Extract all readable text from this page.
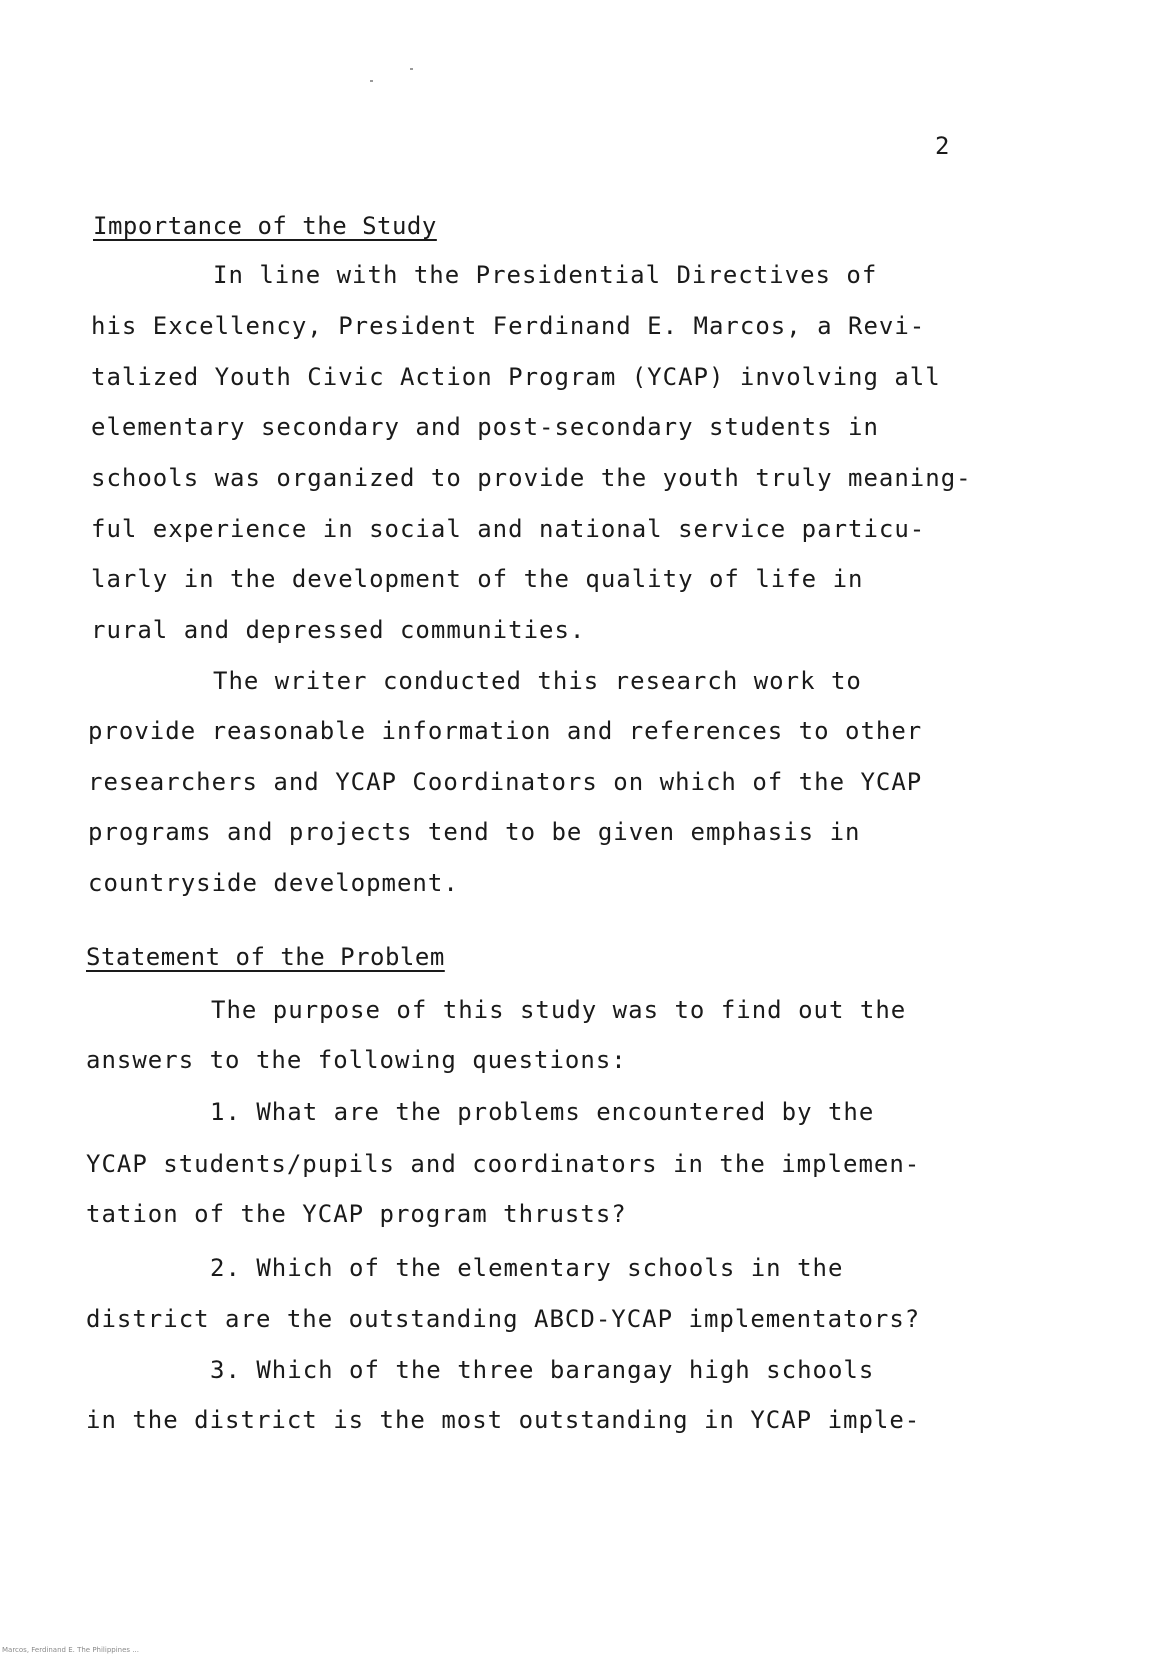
2
Importance of the Study
In line with the Presidential Directives of
his Excellency, President Ferdinand E. Marcos, a Revi-
talized Youth Civic Action Program (YCAP) involving all
elementary secondary and post-secondary students in
schools was organized to provide the youth truly meaning-
ful experience in social and national service particu-
larly in the development of the quality of life in
rural and depressed communities.
The writer conducted this research work to
provide reasonable information and references to other
researchers and YCAP Coordinators on which of the YCAP
programs and projects tend to be given emphasis in
countryside development.
Statement of the Problem
The purpose of this study was to find out the
answers to the following questions:
1. What are the problems encountered by the
YCAP students/pupils and coordinators in the implemen-
tation of the YCAP program thrusts?
2. Which of the elementary schools in the
district are the outstanding ABCD-YCAP implementators?
3. Which of the three barangay high schools
in the district is the most outstanding in YCAP imple-
Marcos, Ferdinand E. The Philippines ...
